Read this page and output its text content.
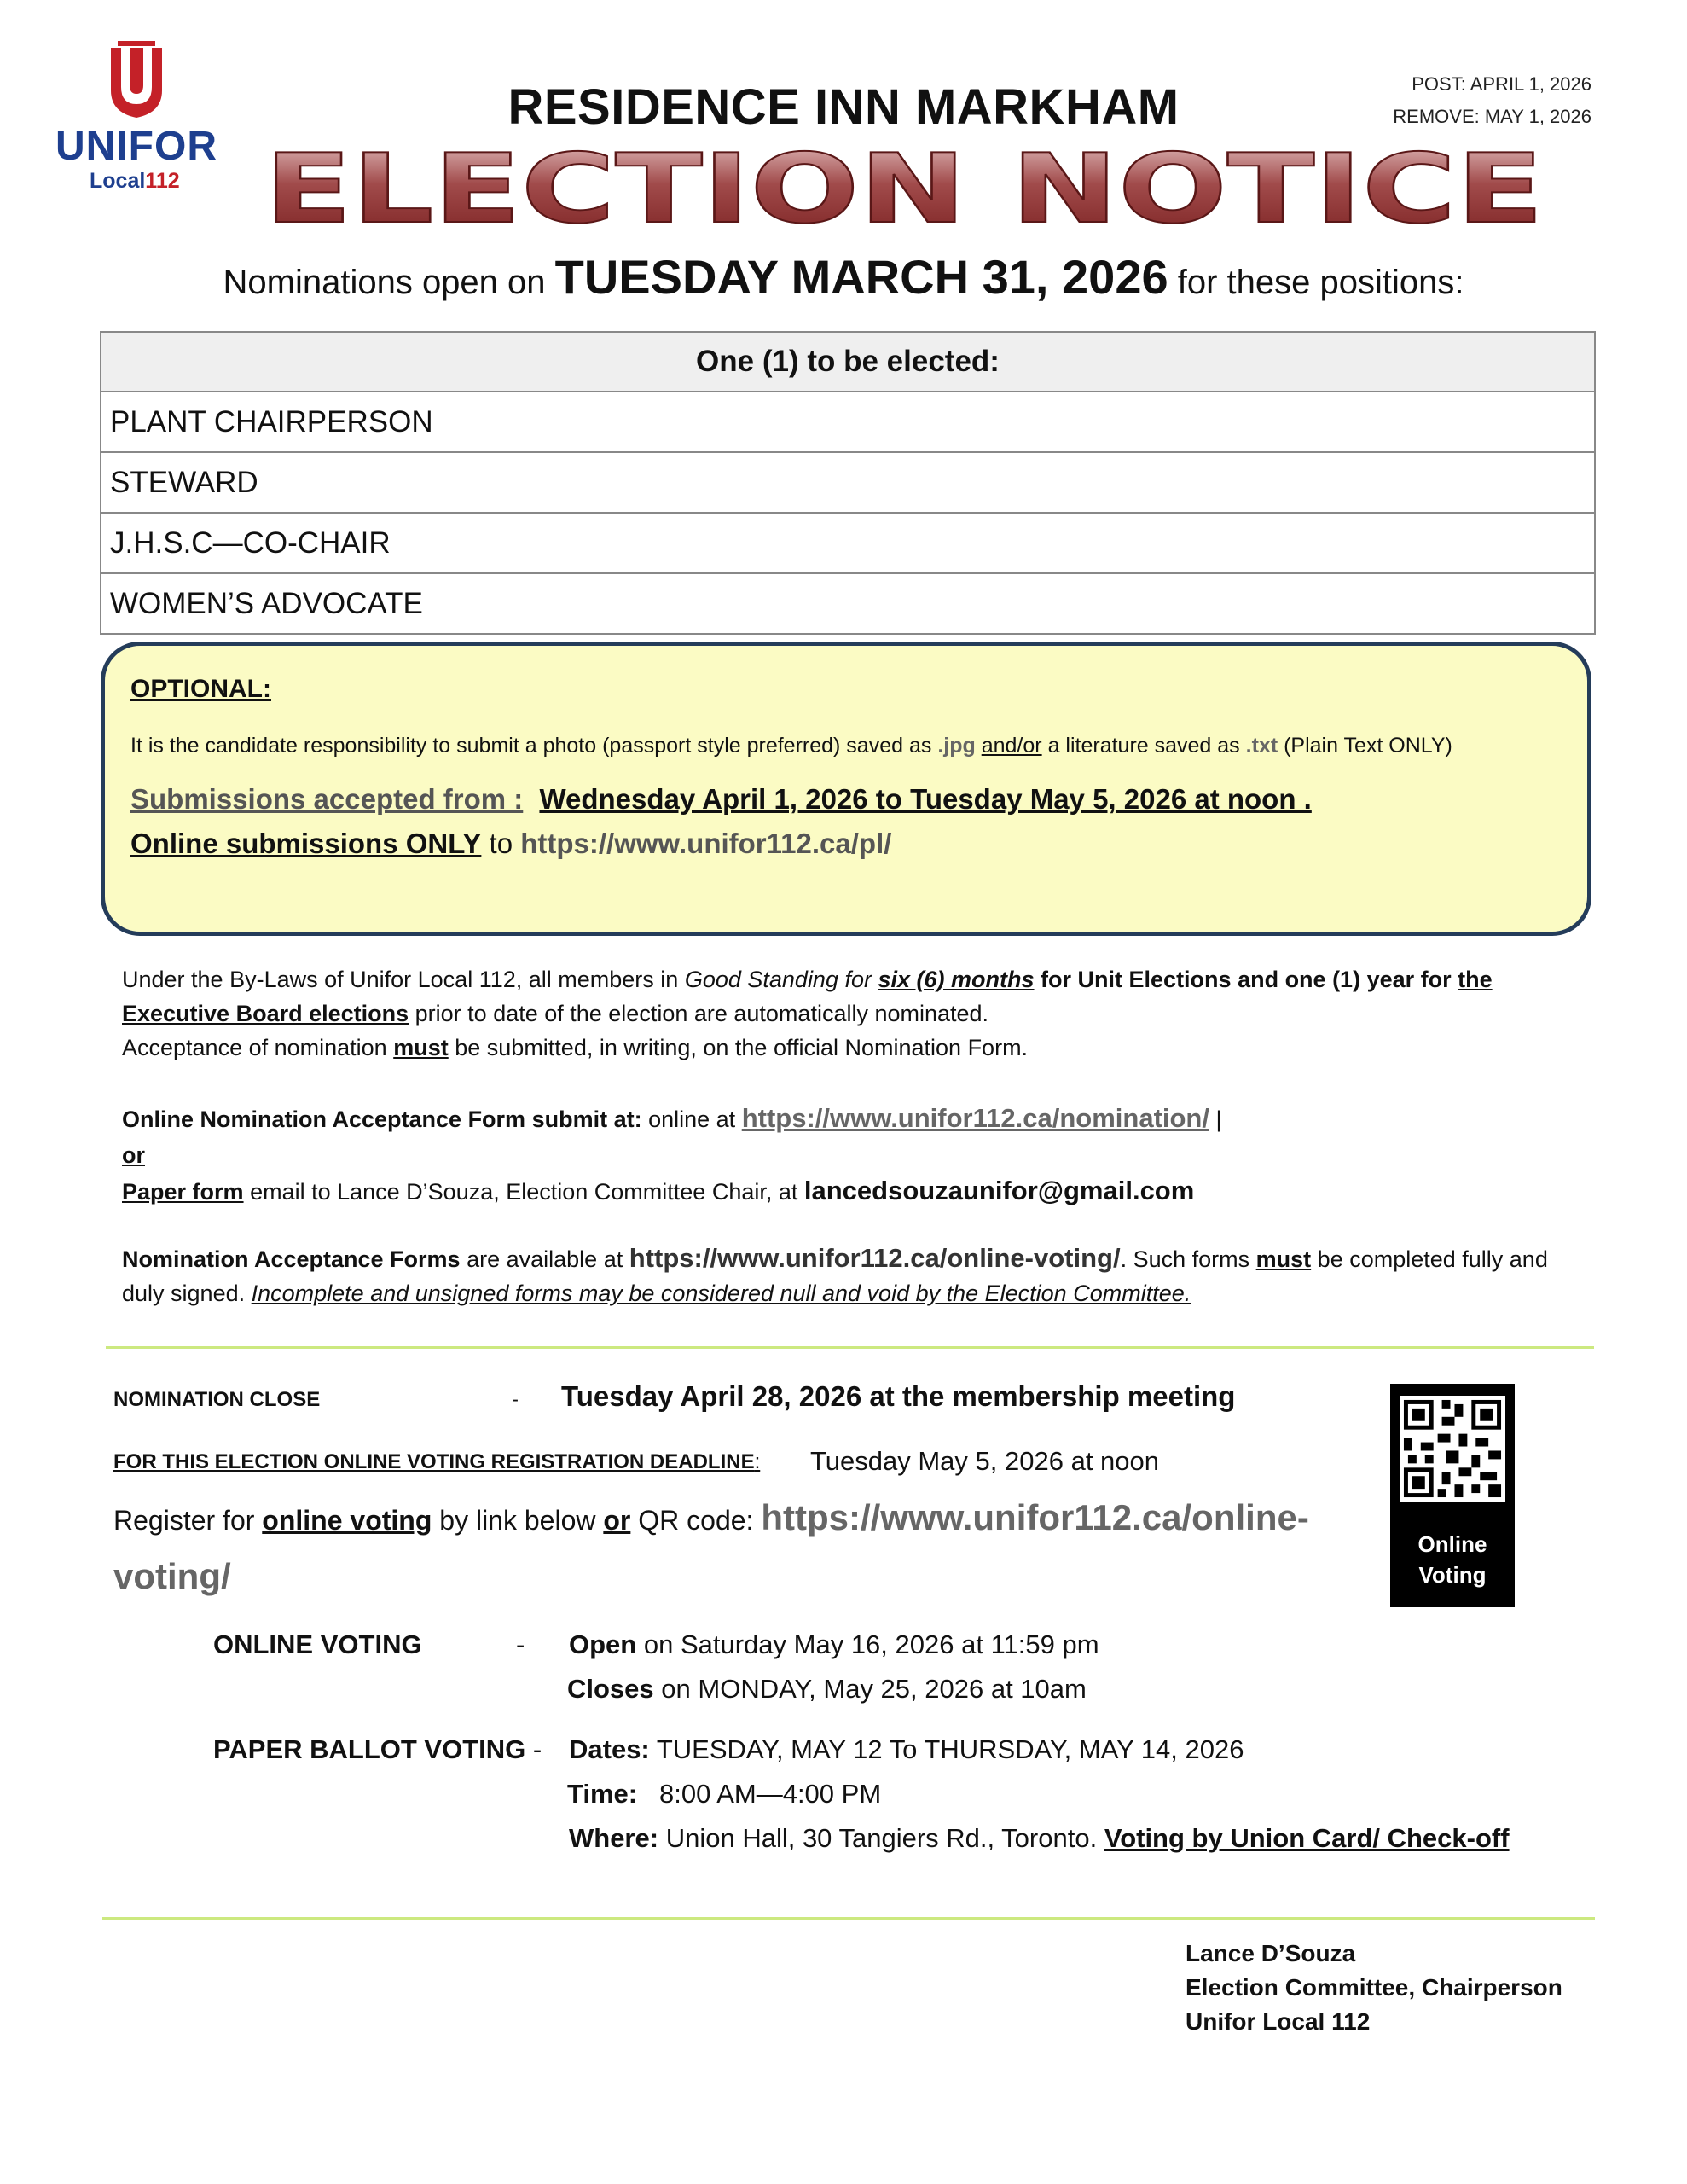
UNIFOR
Local112
POST: APRIL 1, 2026
REMOVE: MAY 1, 2026
RESIDENCE INN MARKHAM
ELECTION NOTICE
Nominations open on TUESDAY MARCH 31, 2026 for these positions:
One (1) to be elected:
PLANT CHAIRPERSON
STEWARD
J.H.S.C—CO-CHAIR
WOMEN’S ADVOCATE
OPTIONAL:
It is the candidate responsibility to submit a photo (passport style preferred) saved as .jpg and/or a literature saved as .txt (Plain Text ONLY)
Submissions accepted from : Wednesday April 1, 2026 to Tuesday May 5, 2026 at noon .
Online submissions ONLY to https://www.unifor112.ca/pl/
Under the By-Laws of Unifor Local 112, all members in Good Standing for six (6) months for Unit Elections and one (1) year for the Executive Board elections prior to date of the election are automatically nominated.
Acceptance of nomination must be submitted, in writing, on the official Nomination Form.
Online Nomination Acceptance Form submit at: online at https://www.unifor112.ca/nomination/ |
or
Paper form email to Lance D’Souza, Election Committee Chair, at lancedsouzaunifor@gmail.com
Nomination Acceptance Forms are available at https://www.unifor112.ca/online-voting/. Such forms must be completed fully and duly signed. Incomplete and unsigned forms may be considered null and void by the Election Committee.
NOMINATION CLOSE	- Tuesday April 28, 2026 at the membership meeting
FOR THIS ELECTION ONLINE VOTING REGISTRATION DEADLINE: Tuesday May 5, 2026 at noon
Register for online voting by link below or QR code: https://www.unifor112.ca/online-voting/
Online Voting
ONLINE VOTING	- Open on Saturday May 16, 2026 at 11:59 pm
Closes on MONDAY, May 25, 2026 at 10am
PAPER BALLOT VOTING - Dates: TUESDAY, MAY 12 To THURSDAY, MAY 14, 2026
Time: 8:00 AM—4:00 PM
Where: Union Hall, 30 Tangiers Rd., Toronto. Voting by Union Card/ Check-off
Lance D’Souza
Election Committee, Chairperson
Unifor Local 112
